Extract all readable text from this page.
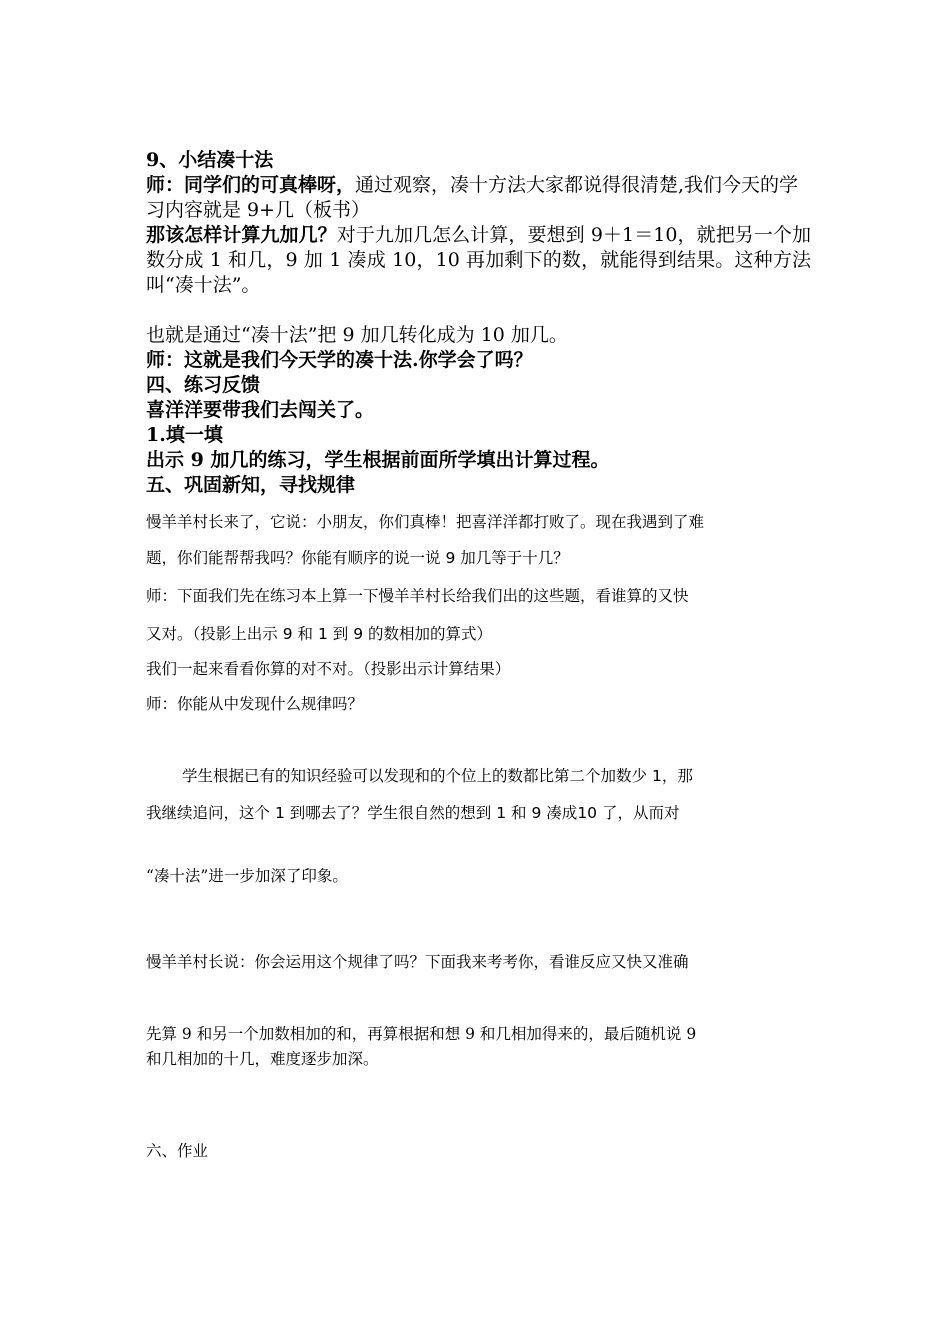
9、小结凑十法

师：同学们的可真棒呀，通过观察，凑十方法大家都说得很清楚,我们今天的学习内容就是 9+几（板书）

那该怎样计算九加几？对于九加几怎么计算，要想到 9＋1＝10，就把另一个加数分成 1 和几，9 加 1 凑成 10，10 再加剩下的数，就能得到结果。这种方法叫“凑十法”。

也就是通过“凑十法”把 9 加几转化成为 10 加几。
师：这就是我们今天学的凑十法.你学会了吗？
四、练习反馈
喜洋洋要带我们去闯关了。
1.填一填
出示 9 加几的练习，学生根据前面所学填出计算过程。
五、巩固新知，寻找规律
慢羊羊村长来了，它说：小朋友，你们真棒！把喜洋洋都打败了。现在我遇到了难
题，你们能帮帮我吗？你能有顺序的说一说 9 加几等于十几？
师：下面我们先在练习本上算一下慢羊羊村长给我们出的这些题，看谁算的又快
又对。（投影上出示 9 和 1 到 9 的数相加的算式）
我们一起来看看你算的对不对。（投影出示计算结果）
师：你能从中发现什么规律吗？
学生根据已有的知识经验可以发现和的个位上的数都比第二个加数少 1，那
我继续追问，这个 1 到哪去了？学生很自然的想到 1 和 9 凑成10 了，从而对
“凑十法”进一步加深了印象。
慢羊羊村长说：你会运用这个规律了吗？下面我来考考你，看谁反应又快又准确
先算 9 和另一个加数相加的和，再算根据和想 9 和几相加得来的，最后随机说 9
和几相加的十几，难度逐步加深。
六、作业
